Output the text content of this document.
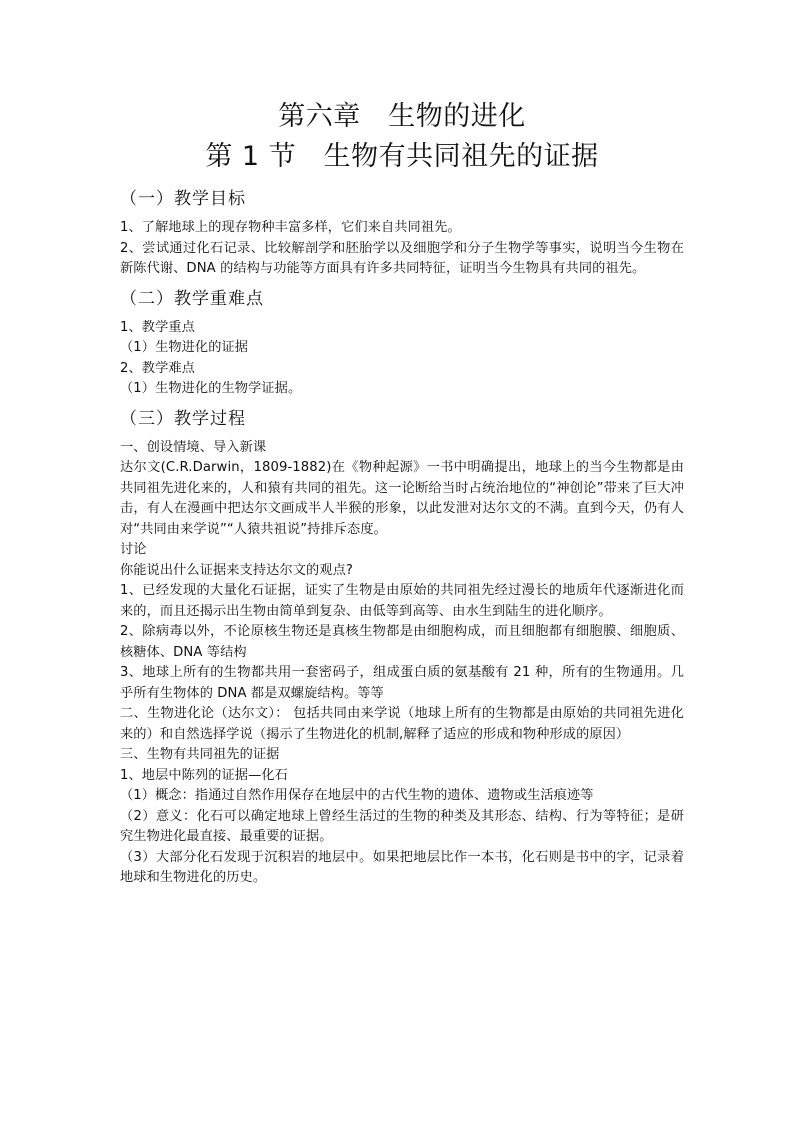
第六章　生物的进化
第 1 节　生物有共同祖先的证据
（一）教学目标

1、了解地球上的现存物种丰富多样，它们来自共同祖先。

2、尝试通过化石记录、比较解剖学和胚胎学以及细胞学和分子生物学等事实，说明当今生物在新陈代谢、DNA 的结构与功能等方面具有许多共同特征，证明当今生物具有共同的祖先。

（二）教学重难点

1、教学重点

（1）生物进化的证据

2、教学难点

（1）生物进化的生物学证据。

（三）教学过程

一、创设情境、导入新课

达尔文(C.R.Darwin，1809-1882)在《物种起源》一书中明确提出，地球上的当今生物都是由共同祖先进化来的，人和猿有共同的祖先。这一论断给当时占统治地位的“神创论”带来了巨大冲击，有人在漫画中把达尔文画成半人半猴的形象，以此发泄对达尔文的不满。直到今天，仍有人对“共同由来学说”“人猿共祖说”持排斥态度。

讨论

你能说出什么证据来支持达尔文的观点?

1、已经发现的大量化石证据，证实了生物是由原始的共同祖先经过漫长的地质年代逐渐进化而来的，而且还揭示出生物由简单到复杂、由低等到高等、由水生到陆生的进化顺序。

2、除病毒以外，不论原核生物还是真核生物都是由细胞构成，而且细胞都有细胞膜、细胞质、核糖体、DNA 等结构

3、地球上所有的生物都共用一套密码子，组成蛋白质的氨基酸有 21 种，所有的生物通用。几乎所有生物体的 DNA 都是双螺旋结构。等等

二、生物进化论（达尔文）： 包括共同由来学说（地球上所有的生物都是由原始的共同祖先进化来的）和自然选择学说（揭示了生物进化的机制,解释了适应的形成和物种形成的原因）

三、生物有共同祖先的证据

1、地层中陈列的证据—化石

（1）概念：指通过自然作用保存在地层中的古代生物的遗体、遗物或生活痕迹等

（2）意义：化石可以确定地球上曾经生活过的生物的种类及其形态、结构、行为等特征；是研究生物进化最直接、最重要的证据。

（3）大部分化石发现于沉积岩的地层中。如果把地层比作一本书，化石则是书中的字，记录着地球和生物进化的历史。
